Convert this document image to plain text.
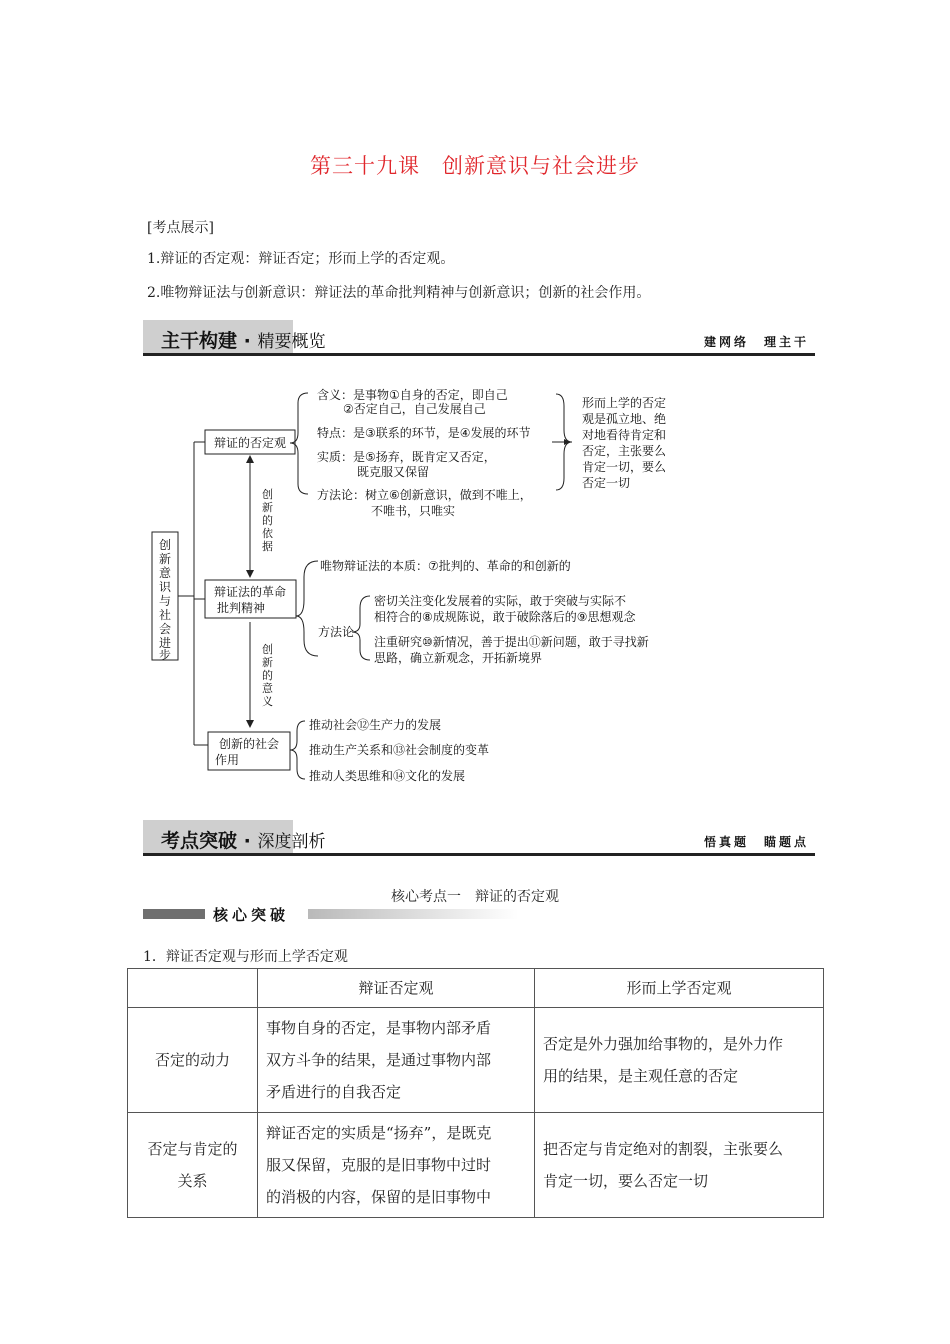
第三十九课　创新意识与社会进步
[考点展示]
1.辩证的否定观：辩证否定；形而上学的否定观。
2.唯物辩证法与创新意识：辩证法的革命批判精神与创新意识；创新的社会作用。
主干构建 · 精要概览	建网络　理主干
创
新
意
识
与
社
会
进
步
辩证的否定观
辩证法的革命
批判精神
创新的社会
作用
创
新
的
依
据
创
新
的
意
义
含义：是事物①自身的否定，即自己
②否定自己，自己发展自己
特点：是③联系的环节，是④发展的环节
实质：是⑤扬弃，既肯定又否定，
既克服又保留
方法论：树立⑥创新意识，做到不唯上，
不唯书，只唯实
形而上学的否定
观是孤立地、绝
对地看待肯定和
否定，主张要么
肯定一切，要么
否定一切
唯物辩证法的本质：⑦批判的、革命的和创新的
方法论
密切关注变化发展着的实际，敢于突破与实际不
相符合的⑧成规陈说，敢于破除落后的⑨思想观念
注重研究⑩新情况，善于提出⑪新问题，敢于寻找新
思路，确立新观念，开拓新境界
推动社会⑫生产力的发展
推动生产关系和⑬社会制度的变革
推动人类思维和⑭文化的发展
考点突破 · 深度剖析	悟真题　瞄题点
核心考点一　辩证的否定观
核心突破
1．辩证否定观与形而上学否定观
	辩证否定观	形而上学否定观
否定的动力	事物自身的否定，是事物内部矛盾
双方斗争的结果，是通过事物内部
矛盾进行的自我否定	否定是外力强加给事物的，是外力作
用的结果，是主观任意的否定
否定与肯定的
关系	辩证否定的实质是“扬弃”，是既克
服又保留，克服的是旧事物中过时
的消极的内容，保留的是旧事物中	把否定与肯定绝对的割裂，主张要么
肯定一切，要么否定一切
